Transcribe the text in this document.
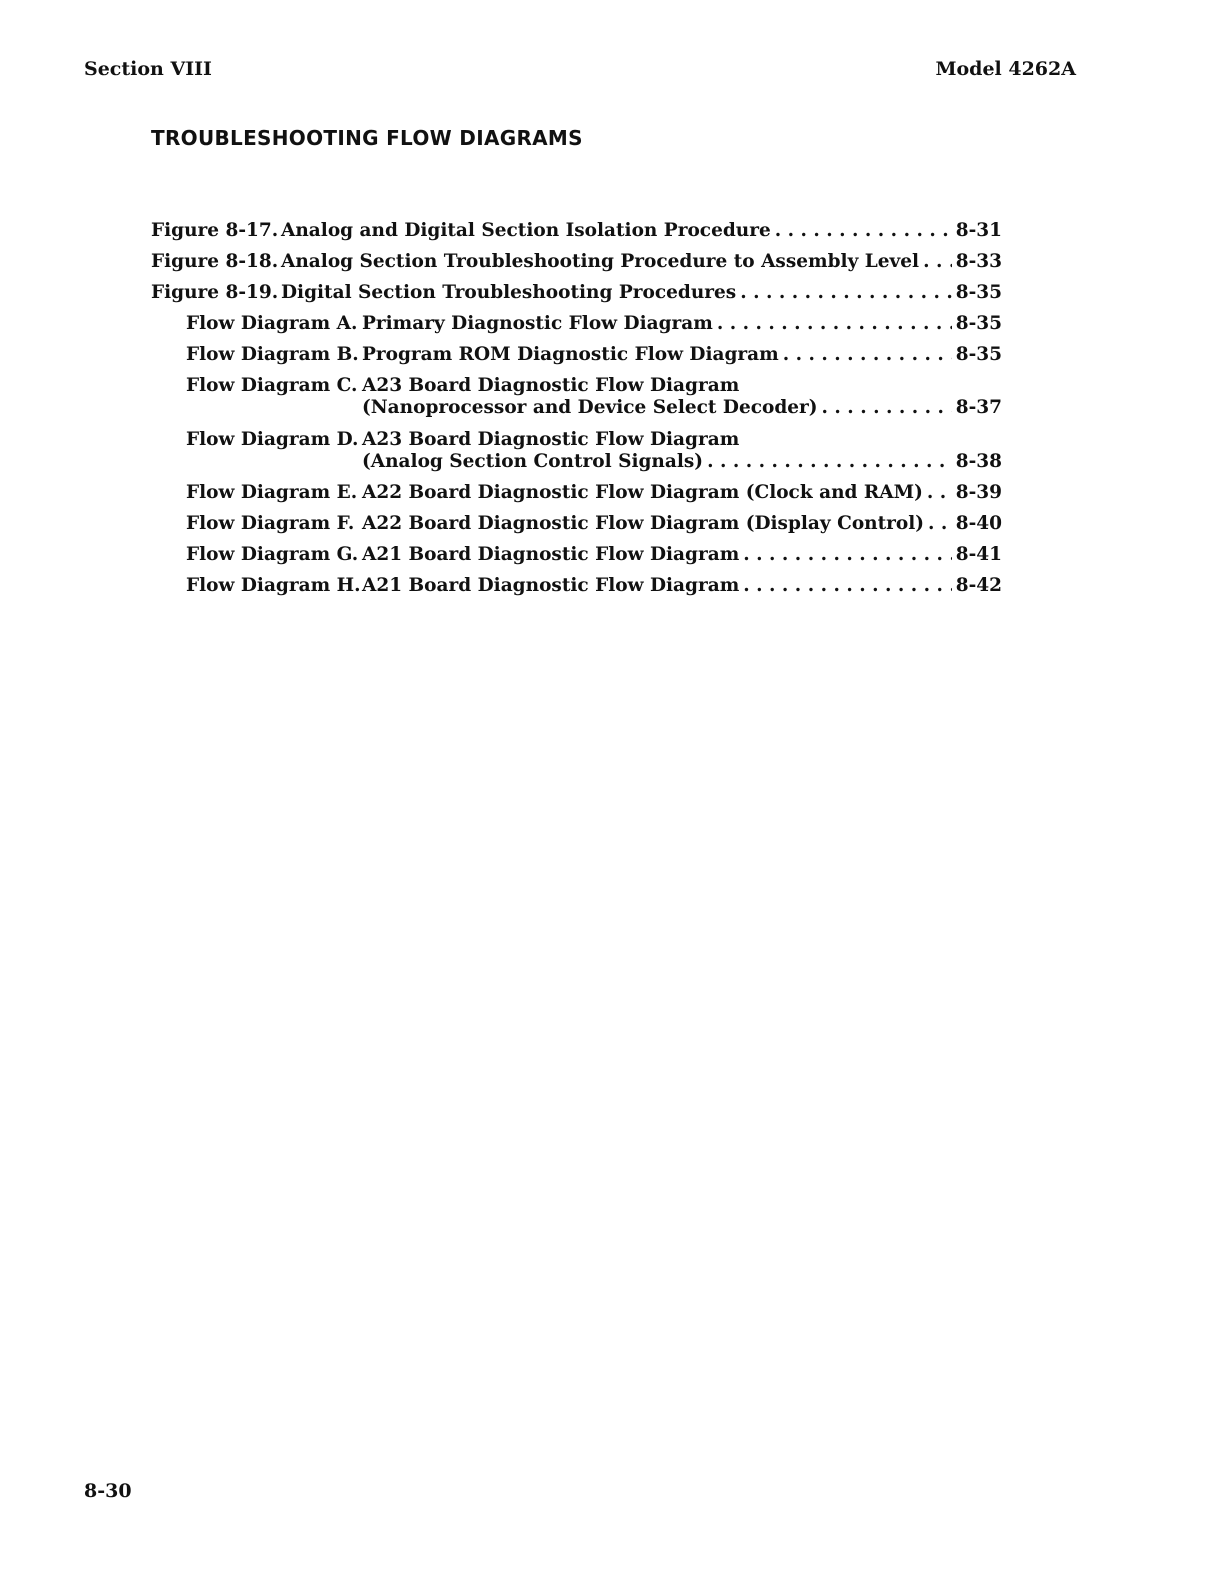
Section VIII	Model 4262A
TROUBLESHOOTING FLOW DIAGRAMS
Figure 8-17. Analog and Digital Section Isolation Procedure . . .	8-31
Figure 8-18. Analog Section Troubleshooting Procedure to Assembly Level . . . 8-33
Figure 8-19. Digital Section Troubleshooting Procedures . . .	8-35
Flow Diagram A. Primary Diagnostic Flow Diagram . . .	8-35
Flow Diagram B. Program ROM Diagnostic Flow Diagram . . .	8-35
Flow Diagram C. A23 Board Diagnostic Flow Diagram
(Nanoprocessor and Device Select Decoder) . . .	8-37
Flow Diagram D. A23 Board Diagnostic Flow Diagram
(Analog Section Control Signals) . . .	8-38
Flow Diagram E. A22 Board Diagnostic Flow Diagram (Clock and RAM) . . . 8-39
Flow Diagram F. A22 Board Diagnostic Flow Diagram (Display Control) . . . 8-40
Flow Diagram G. A21 Board Diagnostic Flow Diagram . . .	8-41
Flow Diagram H. A21 Board Diagnostic Flow Diagram . . .	8-42
8-30
